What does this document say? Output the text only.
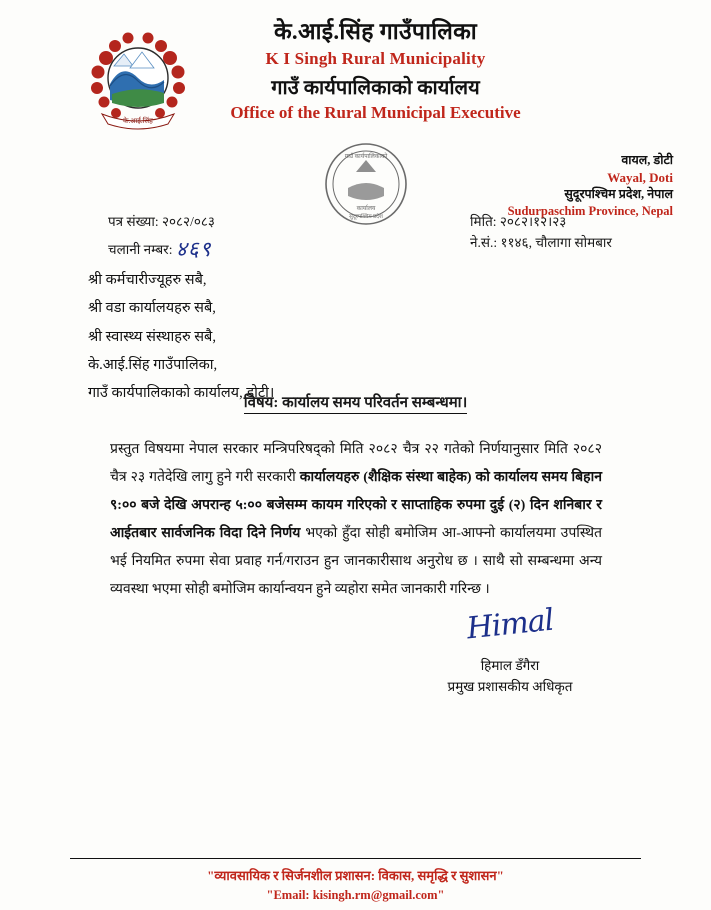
के.आई.सिंह
के.आई.सिंह गाउँपालिका
K I Singh Rural Municipality
गाउँ कार्यपालिकाको कार्यालय
Office of the Rural Municipal Executive
गाउँ कार्यपालिकाको
कार्यालय
सुदूरपश्चिम प्रदेश
वायल, डोटी
Wayal, Doti
सुदूरपश्चिम प्रदेश, नेपाल
Sudurpaschim Province, Nepal
पत्र संख्या: २०८२/०८३
चलानी नम्बर: ४६९
मिति: २०८२।१२।२३
ने.सं.: ११४६, चौलागा सोमबार
श्री कर्मचारीज्यूहरु सबै,
श्री वडा कार्यालयहरु सबै,
श्री स्वास्थ्य संस्थाहरु सबै,
के.आई.सिंह गाउँपालिका,
गाउँ कार्यपालिकाको कार्यालय, डोटी।
विषय: कार्यालय समय परिवर्तन सम्बन्धमा।
प्रस्तुत विषयमा नेपाल सरकार मन्त्रिपरिषद्को मिति २०८२ चैत्र २२ गतेको निर्णयानुसार मिति २०८२ चैत्र २३ गतेदेखि लागु हुने गरी सरकारी कार्यालयहरु (शैक्षिक संस्था बाहेक) को कार्यालय समय बिहान ९:०० बजे देखि अपरान्ह ५:०० बजेसम्म कायम गरिएको र साप्ताहिक रुपमा दुई (२) दिन शनिबार र आईतबार सार्वजनिक विदा दिने निर्णय भएको हुँदा सोही बमोजिम आ-आफ्नो कार्यालयमा उपस्थित भई नियमित रुपमा सेवा प्रवाह गर्न/गराउन हुन जानकारीसाथ अनुरोध छ । साथै सो सम्बन्धमा अन्य व्यवस्था भएमा सोही बमोजिम कार्यान्वयन हुने व्यहोरा समेत जानकारी गरिन्छ ।
Himal
हिमाल डँगैरा
प्रमुख प्रशासकीय अधिकृत
"व्यावसायिक र सिर्जनशील प्रशासन: विकास, समृद्धि र सुशासन"
"Email: kisingh.rm@gmail.com"
